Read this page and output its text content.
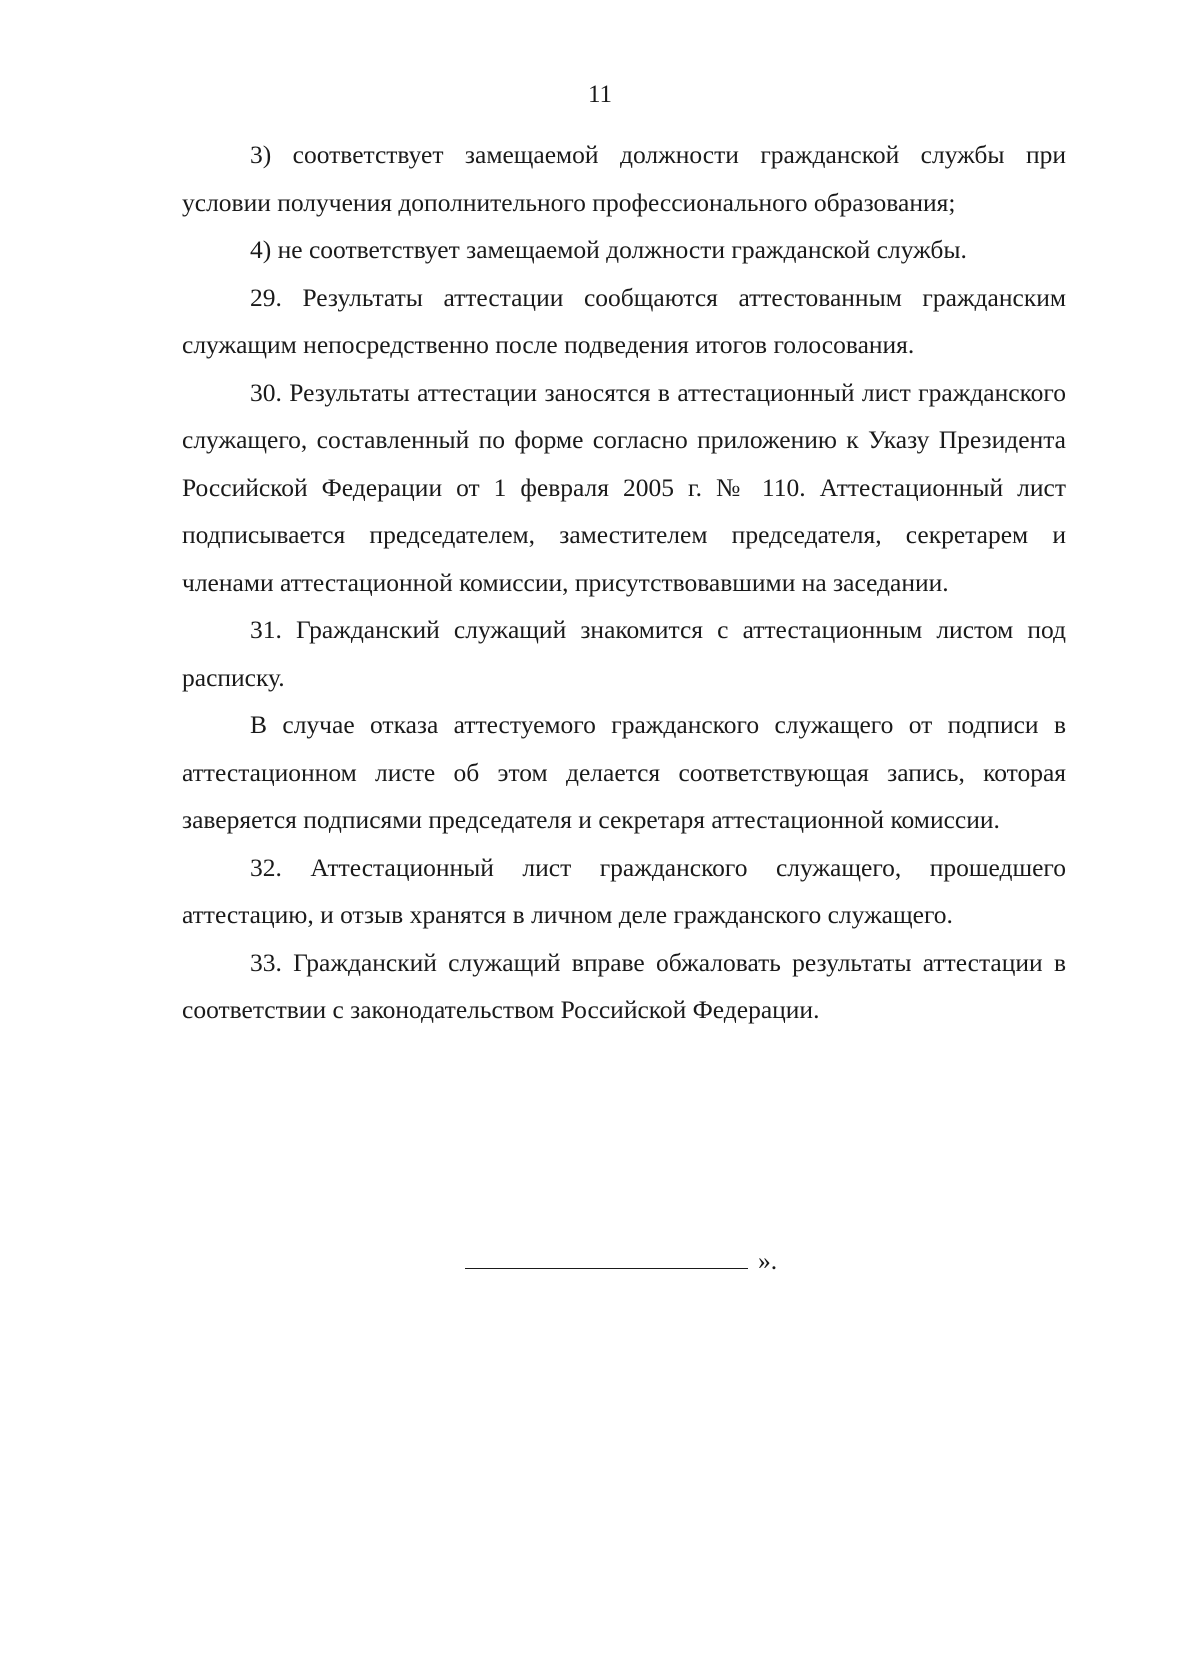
11

3) соответствует замещаемой должности гражданской службы при условии получения дополнительного профессионального образования;

4) не соответствует замещаемой должности гражданской службы.

29. Результаты аттестации сообщаются аттестованным гражданским служащим непосредственно после подведения итогов голосования.

30. Результаты аттестации заносятся в аттестационный лист гражданского служащего, составленный по форме согласно приложению к Указу Президента Российской Федерации от 1 февраля 2005 г. № 110. Аттестационный лист подписывается председателем, заместителем председателя, секретарем и членами аттестационной комиссии, присутствовавшими на заседании.

31. Гражданский служащий знакомится с аттестационным листом под расписку.

В случае отказа аттестуемого гражданского служащего от подписи в аттестационном листе об этом делается соответствующая запись, которая заверяется подписями председателя и секретаря аттестационной комиссии.

32. Аттестационный лист гражданского служащего, прошедшего аттестацию, и отзыв хранятся в личном деле гражданского служащего.

33. Гражданский служащий вправе обжаловать результаты аттестации в соответствии с законодательством Российской Федерации.

».
